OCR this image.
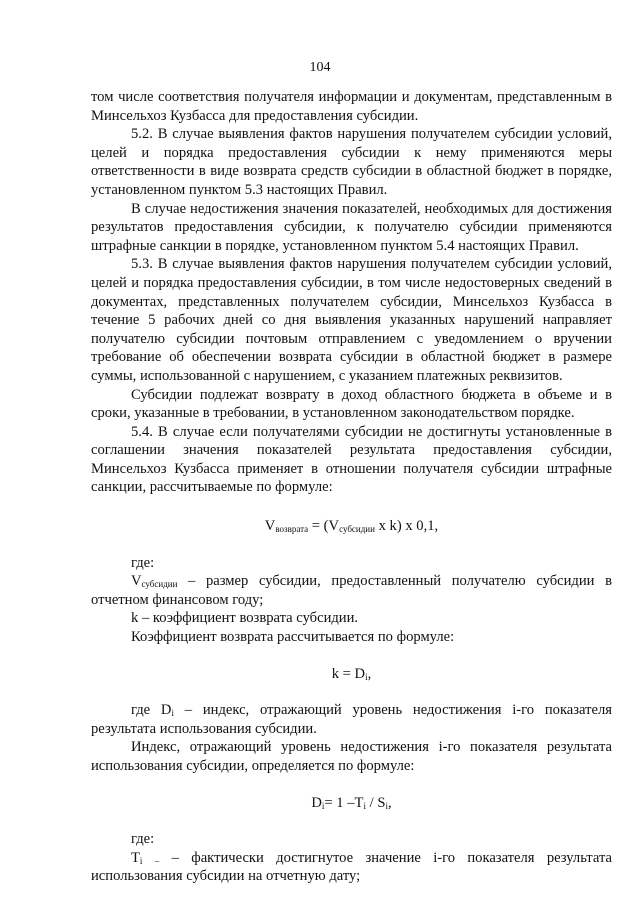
104

том числе соответствия получателя информации и документам, представленным в Минсельхоз Кузбасса для предоставления субсидии.

5.2. В случае выявления фактов нарушения получателем субсидии условий, целей и порядка предоставления субсидии к нему применяются меры ответственности в виде возврата средств субсидии в областной бюджет в порядке, установленном пунктом 5.3 настоящих Правил.

В случае недостижения значения показателей, необходимых для достижения результатов предоставления субсидии, к получателю субсидии применяются штрафные санкции в порядке, установленном пунктом 5.4 настоящих Правил.

5.3. В случае выявления фактов нарушения получателем субсидии условий, целей и порядка предоставления субсидии, в том числе недостоверных сведений в документах, представленных получателем субсидии, Минсельхоз Кузбасса в течение 5 рабочих дней со дня выявления указанных нарушений направляет получателю субсидии почтовым отправлением с уведомлением о вручении требование об обеспечении возврата субсидии в областной бюджет в размере суммы, использованной с нарушением, с указанием платежных реквизитов.

Субсидии подлежат возврату в доход областного бюджета в объеме и в сроки, указанные в требовании, в установленном законодательством порядке.

5.4. В случае если получателями субсидии не достигнуты установленные в соглашении значения показателей результата предоставления субсидии, Минсельхоз Кузбасса применяет в отношении получателя субсидии штрафные санкции, рассчитываемые по формуле:

$V_{возврата} = (V_{субсидии}$ x k) x 0,1,

где:

$V_{субсидии}$ – размер субсидии, предоставленный получателю субсидии в отчетном финансовом году;

k – коэффициент возврата субсидии.

Коэффициент возврата рассчитывается по формуле:

$k = D_i$,

где $D_i$ – индекс, отражающий уровень недостижения i-го показателя результата использования субсидии.

Индекс, отражающий уровень недостижения i-го показателя результата использования субсидии, определяется по формуле:

$D_i= 1$ $-T_i / S_i$,

где:

$T_i$ $_-$ – фактически достигнутое значение i-го показателя результата использования субсидии на отчетную дату;
